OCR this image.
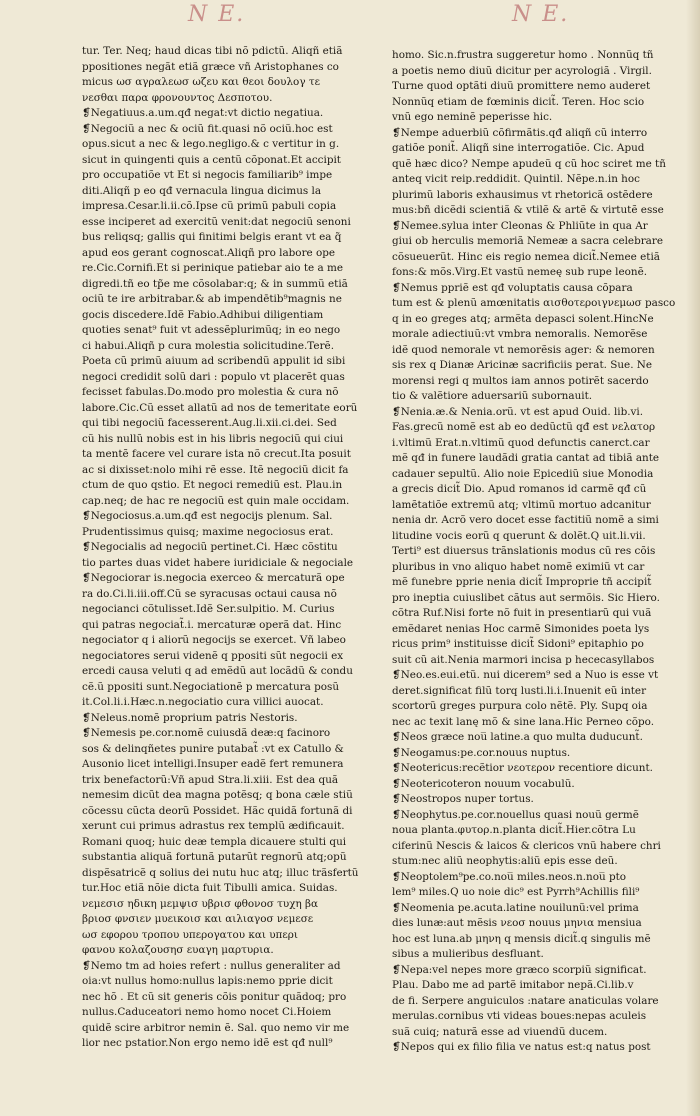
N E.	N E.
tur. Ter. Neq; haud dicas tibi nõ pdictũ. Aliqñ etiã
ppositiones negãt etiã græce vñ Aristophanes co
micus ωσ αγραλεωσ ωζευ και θεοι δουλογ τε
νεσθαι παρα φρονουντος Δεσποτου.
❡Negatiuus.a.um.qđ negat:vt dictio negatiua.
❡Negociũ a nec & ociũ fit.quasi nõ ociũ.hoc est
opus.sicut a nec & lego.negligo.& c vertitur in g.
sicut in quingenti quis a centũ cõponat.Et accipit
pro occupatiõe vt Et si negocis familiarib⁹ impe
diti.Aliqñ p eo qđ vernacula lingua dicimus la
impresa.Cesar.li.ii.cõ.Ipse cũ primũ pabuli copia
esse inciperet ad exercitũ venit:dat negociũ senoni
bus reliqsq; gallis qui finitimi belgis erant vt ea q̃
apud eos gerant cognoscat.Aliqñ pro labore ope
re.Cic.Cornifi.Et si perinique patiebar aio te a me
digredi.tñ eo tp̃e me cõsolabar:q; & in summũ etiã
ociũ te ire arbitrabar.& ab impendētib⁹magnis ne
gocis discedere.Idẽ Fabio.Adhibui diligentiam
quoties senat⁹ fuit vt adessẽplurimũq; in eo nego
ci habui.Aliqñ p cura molestia solicitudine.Terẽ.
Poeta cũ primũ aiuum ad scribendũ appulit id sibi
negoci credidit solũ dari : populo vt placerẽt quas
fecisset fabulas.Do.modo pro molestia & cura nõ
labore.Cic.Cũ esset allatũ ad nos de temeritate eorũ
qui tibi negociũ facesserent.Aug.li.xii.ci.dei. Sed
cũ his nullũ nobis est in his libris negociũ qui ciui
ta mentẽ facere vel curare ista nõ crecut.Ita posuit
ac si dixisset:nolo mihi rẽ esse. Itẽ negociũ dicit fa
ctum de quo qstio. Et negoci remediũ est. Plau.in
cap.neq; de hac re negociũ est quin male occidam.
❡Negociosus.a.um.qđ est negocijs plenum. Sal.
Prudentissimus quisq; maxime negociosus erat.
❡Negocialis ad negociũ pertinet.Ci. Hæc cõstitu
tio partes duas videt habere iuridiciale & negociale
❡Negociorar is.negocia exerceo & mercaturã ope
ra do.Ci.li.iii.off.Cũ se syracusas octaui causa nõ
negocianci cõtulisset.Idẽ Ser.sulpitio. M. Curius
qui patras negociat̃.i. mercaturæ operã dat. Hinc
negociator q i aliorũ negocijs se exercet. Vñ labeo
negociatores serui videnẽ q ppositi sũt negocii ex
ercedi causa veluti q ad emẽdũ aut locãdũ & condu
cẽ.ũ ppositi sunt.Negociationẽ p mercatura posũ
it.Col.li.i.Hæc.n.negociatio cura villici auocat.
❡Neleus.nomẽ proprium patris Nestoris.
❡Nemesis pe.cor.nomẽ cuiusdã deæ:q facinoro
sos & delinqñetes punire putabat̃ :vt ex Catullo &
Ausonio licet intelligi.Insuper eadẽ fert remunera
trix benefactorũ:Vñ apud Stra.li.xiii. Est dea quã
nemesim dicũt dea magna potẽsq; q bona cæle stiũ
cõcessu cũcta deorũ Possidet. Hãc quidã fortunã di
xerunt cui primus adrastus rex templũ ædificauit.
Romani quoq; huic deæ templa dicauere stulti qui
substantia aliquã fortunã putarũt regnorũ atq;opũ
dispẽsatricẽ q solius dei nutu huc atq; illuc trãsfertũ
tur.Hoc etiã nõie dicta fuit Tibulli amica. Suidas.
νεμεσισ ηδικη μεμψισ υβρισ φθονοσ τυχη βα
βριοσ φνσιεν μυεικοισ και αιλιαγοσ νεμεσε
ωσ εφορου τροπου υπερογατου και υπερι
φανου κολαζουσησ ευαγη μαρτυρια.
❡Nemo tm ad hoies refert : nullus generaliter ad
oia:vt nullus homo:nullus lapis:nemo pprie dicit
nec hõ . Et cũ sit generis cõis ponitur quãdoq; pro
nullus.Caduceatori nemo homo nocet Ci.Hoiem
quidẽ scire arbitror nemin ẽ. Sal. quo nemo vir me
lior nec pstatior.Non ergo nemo idẽ est qđ null⁹
homo. Sic.n.frustra suggeretur homo . Nonnũq tñ
a poetis nemo diuũ dicitur per acyrologiã . Virgil.
Turne quod optãti diuũ promittere nemo auderet
Nonnũq etiam de fœminis dicit̃. Teren. Hoc scio
vnũ ego neminẽ peperisse hic.
❡Nempe aduerbiũ cõfirmãtis.qđ aliqñ cũ interro
gatiõe ponit̃. Aliqñ sine interrogatiõe. Cic. Apud
quẽ hæc dico? Nempe apudeũ q cũ hoc sciret me tñ
anteq vicit reip.reddidit. Quintil. Nẽpe.n.in hoc
plurimũ laboris exhausimus vt rhetoricã ostẽdere
mus:bñ dicẽdi scientiã & vtilẽ & artẽ & virtutẽ esse
❡Nemee.sylua inter Cleonas & Phliũte in qua Ar
giui ob herculis memoriã Nemeæ a sacra celebrare
cõsueuerũt. Hinc eis regio nemea dicit̃.Nemee etiã
fons:& mõs.Virg.Et vastũ nemeę sub rupe leonẽ.
❡Nemus ppriẽ est qđ voluptatis causa cõpara
tum est & plenũ amœnitatis αισθοτεροιγνεμωσ pasco
q in eo greges atq; armẽta depasci solent.HincNe
morale adiectiuũ:vt vmbra nemoralis. Nemorẽse
idẽ quod nemorale vt nemorẽsis ager: & nemoren
sis rex q Dianæ Aricinæ sacrificiis perat. Sue. Ne
morensi regi q multos iam annos potirẽt sacerdo
tio & valẽtiore aduersariũ subornauit.
❡Nenia.æ.& Nenia.orũ. vt est apud Ouid. lib.vi.
Fas.grecũ nomẽ est ab eo dedũctũ qđ est νελατορ
i.vltimũ Erat.n.vltimũ quod defunctis canerct.car
mẽ qđ in funere laudãdi gratia cantat ad tibiã ante
cadauer sepultũ. Alio noie Epicediũ siue Monodia
a grecis dicit̃ Dio. Apud romanos id carmẽ qđ cũ
lamẽtatiõe extremũ atq; vltimũ mortuo adcanitur
nenia dr. Acrõ vero docet esse factitiũ nomẽ a simi
litudine vocis eorũ q querunt & dolẽt.Q uit.li.vii.
Terti⁹ est diuersus trãnslationis modus cũ res cõis
pluribus in vno aliquo habet nomẽ eximiũ vt car
mẽ funebre pprie nenia dicit̃ Improprie tñ accipit̃
pro ineptia cuiuslibet cãtus aut sermõis. Sic Hiero.
cõtra Ruf.Nisi forte nõ fuit in presentiarũ qui vuã
emẽdaret nenias Hoc carmẽ Simonides poeta lys
ricus prim⁹ instituisse dicit̃ Sidoni⁹ epitaphio po
suit cũ ait.Nenia marmori incisa p hececasyllabos
❡Neo.es.eui.etũ. nui dicerem⁹ sed a Nuo is esse vt
deret.significat filũ torq lusti.li.i.Inuenit eũ inter
scortorũ greges purpura colo nẽtẽ. Ply. Supq oia
nec ac texit lanę mõ & sine lana.Hic Perneo cõpo.
❡Neos græce nou̅ latine.a quo multa duducunt̃.
❡Neogamus:pe.cor.nouus nuptus.
❡Neotericus:recẽtior νεοτερον recentiore dicunt.
❡Neotericoteron nouum vocabulũ.
❡Neostropos nuper tortus.
❡Neophytus.pe.cor.nouellus quasi nouũ germẽ
noua planta.φυτορ.n.planta dicit̃.Hier.cõtra Lu
ciferinũ Nescis & laicos & clericos vnũ habere chri
stum:nec aliũ neophytis:aliũ epis esse deũ.
❡Neoptolem⁹pe.co.nou̅ miles.neos.n.nou̅ pto
lem⁹ miles.Q uo noie dic⁹ est Pyrrh⁹Achillis fili⁹
❡Neomenia pe.acuta.latine nouilunũ:vel prima
dies lunæ:aut mẽsis νεοσ nouus μηνια mensiua
hoc est luna.ab μηνη q mensis dicit̃.q singulis mẽ
sibus a mulieribus desfluant.
❡Nepa:vel nepes more græco scorpiũ significat.
Plau. Dabo me ad partẽ imitabor nepã.Ci.lib.v
de fi. Serpere anguiculos :natare anaticulas volare
merulas.cornibus vti videas boues:nepas aculeis
suã cuiq; naturã esse ad viuendũ ducem.
❡Nepos qui ex filio filia ve natus est:q natus post
